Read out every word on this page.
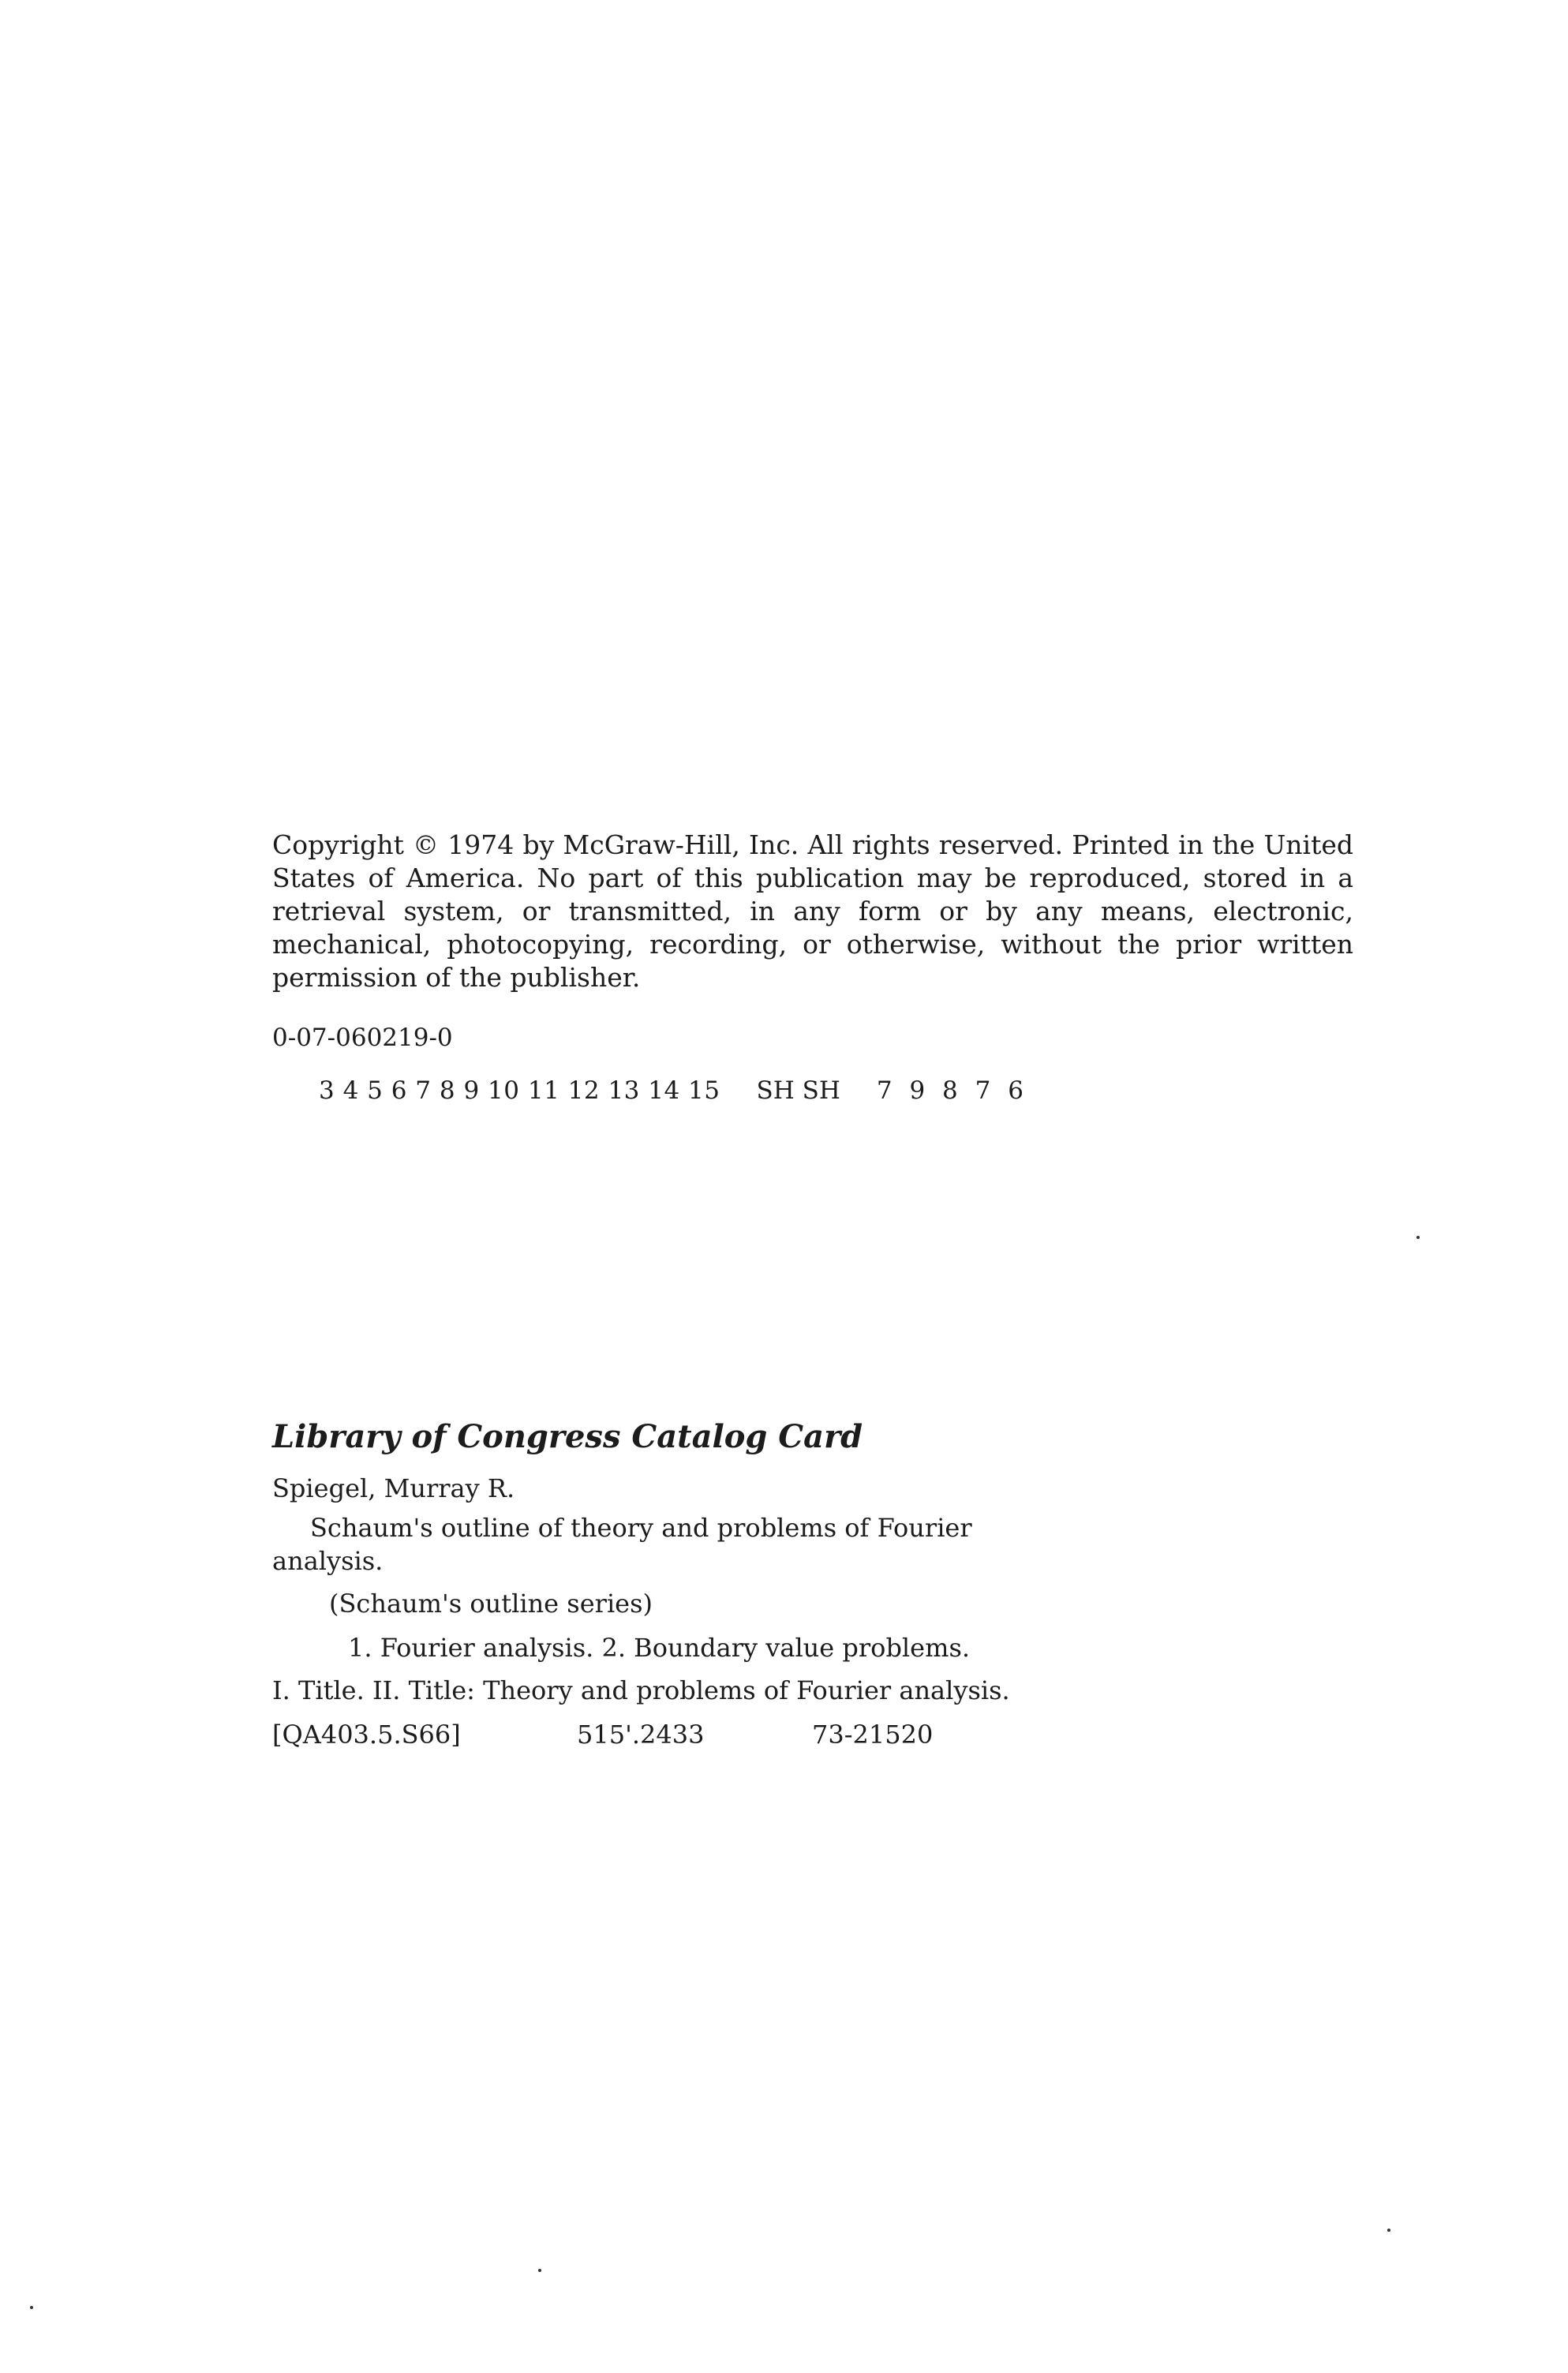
Copyright © 1974 by McGraw-Hill, Inc. All rights reserved. Printed in the United States of America. No part of this publication may be reproduced, stored in a retrieval system, or transmitted, in any form or by any means, electronic, mechanical, photocopying, recording, or otherwise, without the prior written permission of the publisher.

0-07-060219-0

3 4 5 6 7 8 9 10 11 12 13 14 15 SH SH 7 9 8 7 6

Library of Congress Catalog Card

Spiegel, Murray R.

Schaum's outline of theory and problems of Fourier analysis.

(Schaum's outline series)

1. Fourier analysis. 2. Boundary value problems.

I. Title. II. Title: Theory and problems of Fourier analysis.

[QA403.5.S66]	515'.2433	73-21520
